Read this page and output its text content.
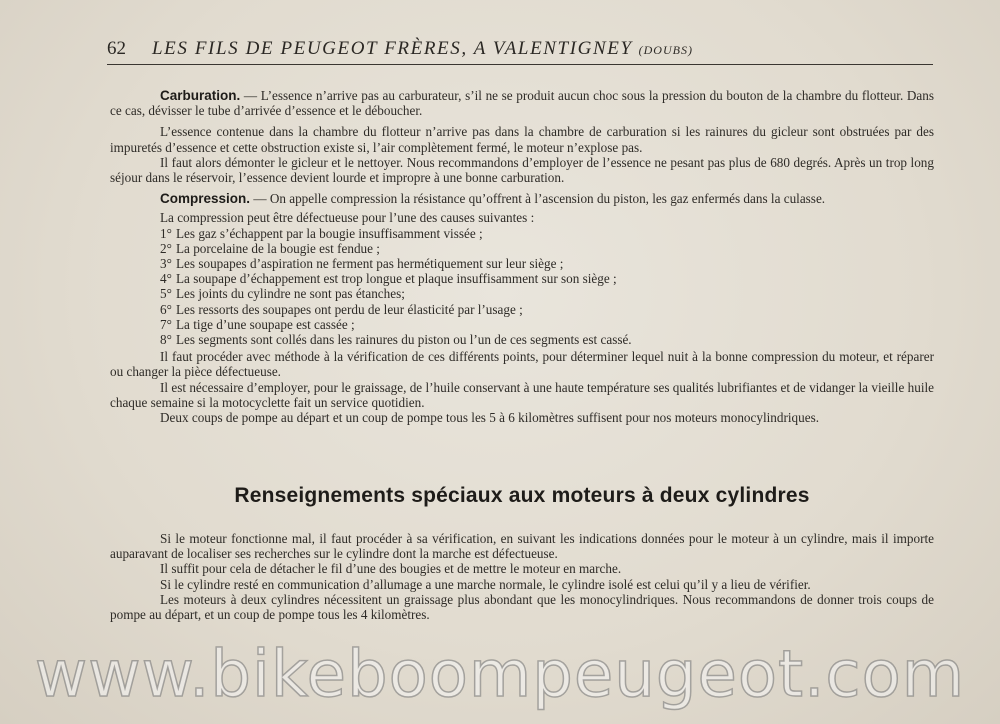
62	LES FILS DE PEUGEOT FRÈRES, A VALENTIGNEY (DOUBS)

Carburation. — L’essence n’arrive pas au carburateur, s’il ne se produit aucun choc sous la pression du bouton de la chambre du flotteur. Dans ce cas, dévisser le tube d’arrivée d’essence et le déboucher.

L’essence contenue dans la chambre du flotteur n’arrive pas dans la chambre de carburation si les rainures du gicleur sont obstruées par des impuretés d’essence et cette obstruction existe si, l’air complètement fermé, le moteur n’explose pas.

Il faut alors démonter le gicleur et le nettoyer. Nous recommandons d’employer de l’essence ne pesant pas plus de 680 degrés. Après un trop long séjour dans le réservoir, l’essence devient lourde et impropre à une bonne carburation.

Compression. — On appelle compression la résistance qu’offrent à l’ascension du piston, les gaz enfermés dans la culasse.

La compression peut être défectueuse pour l’une des causes suivantes :
1° Les gaz s’échappent par la bougie insuffisamment vissée ;
2° La porcelaine de la bougie est fendue ;
3° Les soupapes d’aspiration ne ferment pas hermétiquement sur leur siège ;
4° La soupape d’échappement est trop longue et plaque insuffisamment sur son siège ;
5° Les joints du cylindre ne sont pas étanches;
6° Les ressorts des soupapes ont perdu de leur élasticité par l’usage ;
7° La tige d’une soupape est cassée ;
8° Les segments sont collés dans les rainures du piston ou l’un de ces segments est cassé.

Il faut procéder avec méthode à la vérification de ces différents points, pour déterminer lequel nuit à la bonne compression du moteur, et réparer ou changer la pièce défectueuse.

Il est nécessaire d’employer, pour le graissage, de l’huile conservant à une haute température ses qualités lubrifiantes et de vidanger la vieille huile chaque semaine si la motocyclette fait un service quotidien.

Deux coups de pompe au départ et un coup de pompe tous les 5 à 6 kilomètres suffisent pour nos moteurs monocylindriques.

Renseignements spéciaux aux moteurs à deux cylindres

Si le moteur fonctionne mal, il faut procéder à sa vérification, en suivant les indications données pour le moteur à un cylindre, mais il importe auparavant de localiser ses recherches sur le cylindre dont la marche est défectueuse.

Il suffit pour cela de détacher le fil d’une des bougies et de mettre le moteur en marche.

Si le cylindre resté en communication d’allumage a une marche normale, le cylindre isolé est celui qu’il y a lieu de vérifier.

Les moteurs à deux cylindres nécessitent un graissage plus abondant que les monocylindriques. Nous recommandons de donner trois coups de pompe au départ, et un coup de pompe tous les 4 kilomètres.

www.bikeboompeugeot.com
